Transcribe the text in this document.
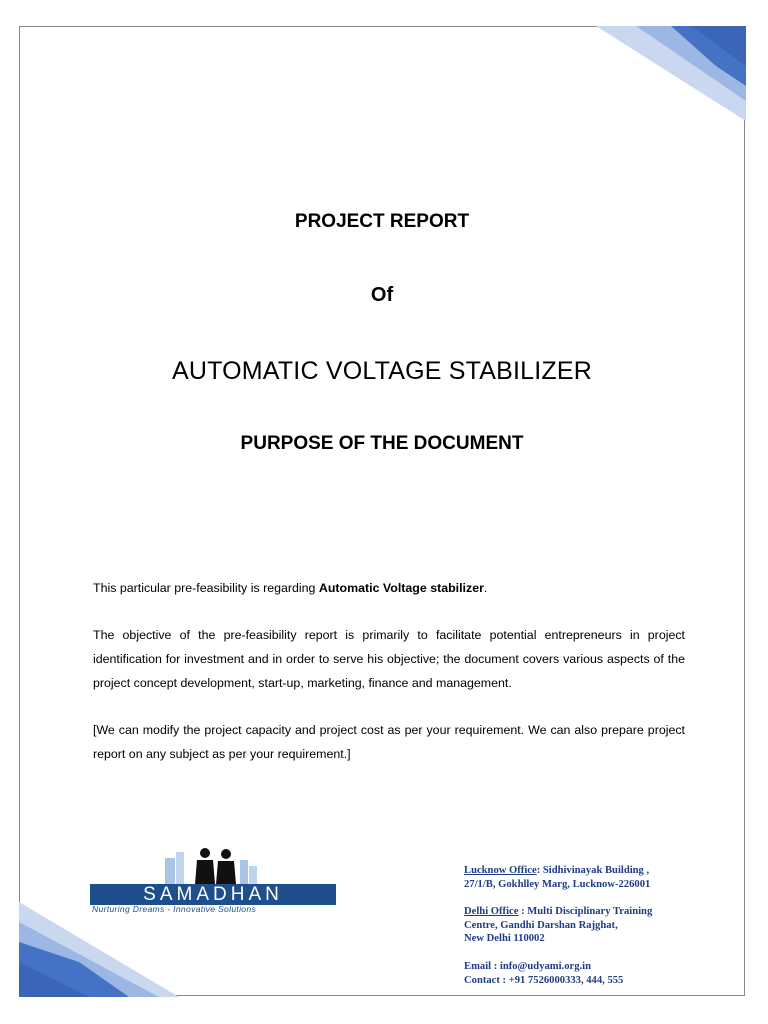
PROJECT REPORT
Of
AUTOMATIC VOLTAGE STABILIZER
PURPOSE OF THE DOCUMENT
This particular pre-feasibility is regarding Automatic Voltage stabilizer.
The objective of the pre-feasibility report is primarily to facilitate potential entrepreneurs in project identification for investment and in order to serve his objective; the document covers various aspects of the project concept development, start-up, marketing, finance and management.
[We can modify the project capacity and project cost as per your requirement. We can also prepare project report on any subject as per your requirement.]
SAMADHAN
Nurturing Dreams - Innovative Solutions
Lucknow Office: Sidhivinayak Building ,
27/1/B, Gokhlley Marg, Lucknow-226001
Delhi Office : Multi Disciplinary Training
Centre, Gandhi Darshan Rajghat,
New Delhi 110002
Email : info@udyami.org.in
Contact : +91 7526000333, 444, 555
